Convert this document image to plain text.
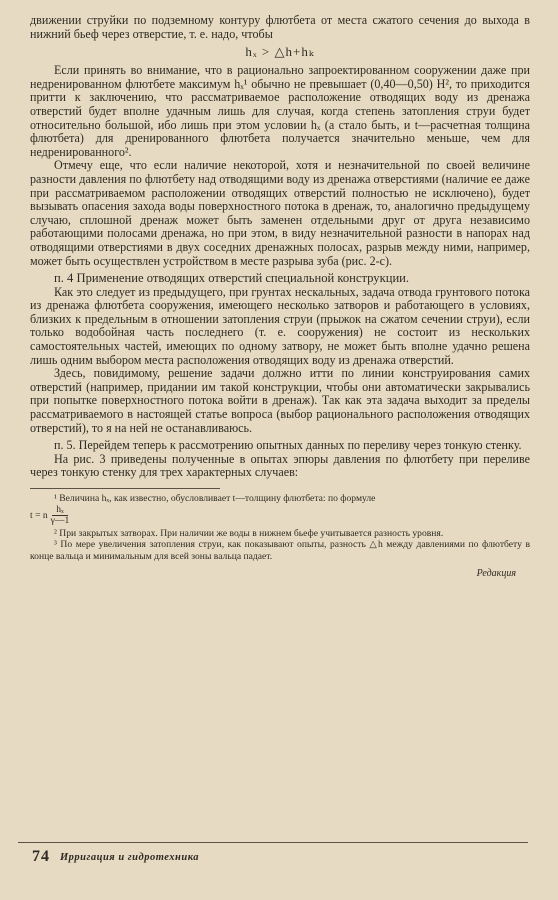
движении струйки по подземному контуру флютбета от места сжатого сечения до выхода в нижний бьеф через отверстие, т. е. надо, чтобы

hₓ > △h+hₖ

Если принять во внимание, что в рационально запроектированном сооружении даже при недренированном флютбете максимум hₓ¹ обычно не превышает (0,40—0,50) H², то приходится притти к заключению, что рассматриваемое расположение отводящих воду из дренажа отверстий будет вполне удачным лишь для случая, когда степень затопления струи будет относительно большой, ибо лишь при этом условии hₓ (а стало быть, и t—расчетная толщина флютбета) для дренированного флютбета получается значительно меньше, чем для недренированного².

Отмечу еще, что если наличие некоторой, хотя и незначительной по своей величине разности давления по флютбету над отводящими воду из дренажа отверстиями (наличие ее даже при рассматриваемом расположении отводящих отверстий полностью не исключено), будет вызывать опасения захода воды поверхностного потока в дренаж, то, аналогично предыдущему случаю, сплошной дренаж может быть заменен отдельными друг от друга независимо работающими полосами дренажа, но при этом, в виду незначительной разности в напорах над отводящими отверстиями в двух соседних дренажных полосах, разрыв между ними, например, может быть осуществлен устройством в месте разрыва зуба (рис. 2-с).

п. 4 Применение отводящих отверстий специальной конструкции.

Как это следует из предыдущего, при грунтах нескальных, задача отвода грунтового потока из дренажа флютбета сооружения, имеющего несколько затворов и работающего в условиях, близких к предельным в отношении затопления струи (прыжок на сжатом сечении струи), если только водобойная часть последнего (т. е. сооружения) не состоит из нескольких самостоятельных частей, имеющих по одному затвору, не может быть вполне удачно решена лишь одним выбором места расположения отводящих воду из дренажа отверстий.

Здесь, повидимому, решение задачи должно итти по линии конструирования самих отверстий (например, придании им такой конструкции, чтобы они автоматически закрывались при попытке поверхностного потока войти в дренаж). Так как эта задача выходит за пределы рассматриваемого в настоящей статье вопроса (выбор рационального расположения отводящих отверстий), то я на ней не останавливаюсь.

п. 5. Перейдем теперь к рассмотрению опытных данных по переливу через тонкую стенку.

На рис. 3 приведены полученные в опытах эпюры давления по флютбету при переливе через тонкую стенку для трех характерных случаев:

¹ Величина hₓ, как известно, обусловливает t—толщину флютбета: по формуле

t = n $\frac{\text{hₓ}}{\gamma—1}$

² При закрытых затворах. При наличии же воды в нижнем бьефе учитывается разность уровня.

³ По мере увеличения затопления струи, как показывают опыты, разность △h между давлениями по флютбету в конце вальца и минимальным для всей зоны вальца падает.

Редакция
74 Ирригация и гидротехника
